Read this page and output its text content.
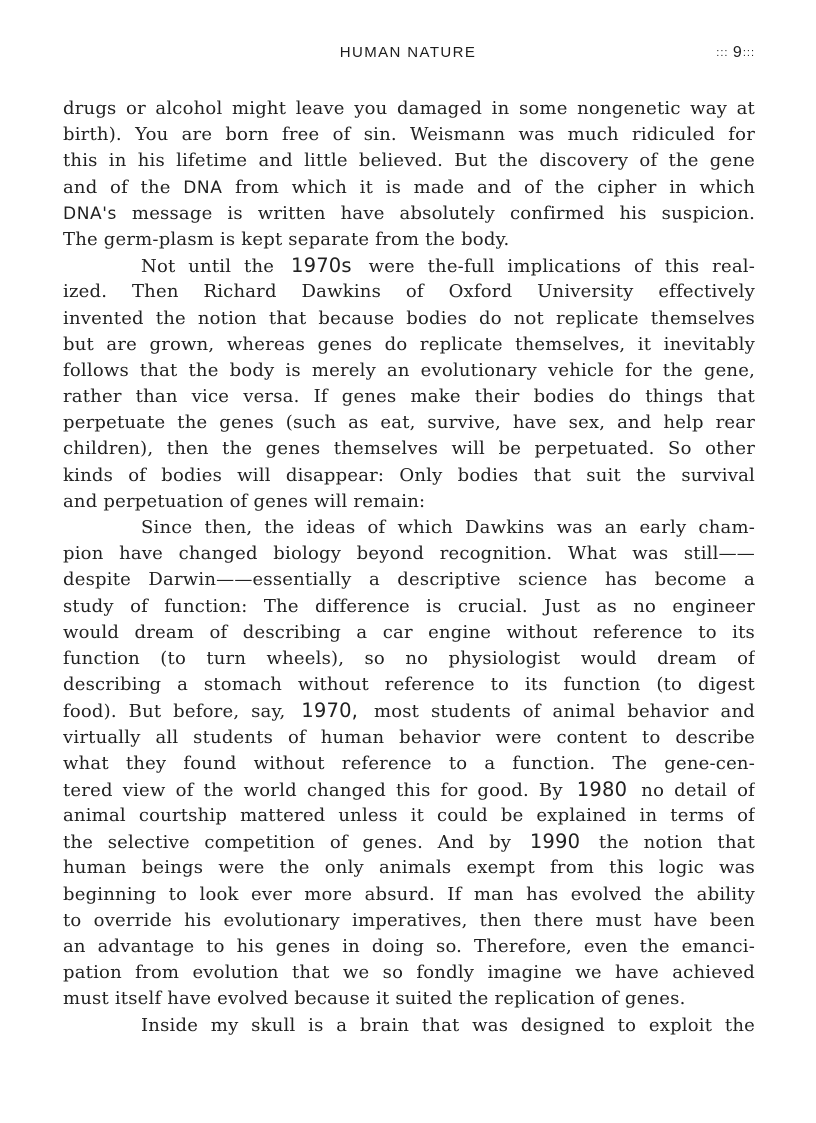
HUMAN NATURE	::: 9:::
drugs or alcohol might leave you damaged in some nongenetic way at
birth). You are born free of sin. Weismann was much ridiculed for
this in his lifetime and little believed. But the discovery of the gene
and of the DNA from which it is made and of the cipher in which
DNA's message is written have absolutely confirmed his suspicion.
The germ-plasm is kept separate from the body.
Not until the 1970s were the-full implications of this real-
ized. Then Richard Dawkins of Oxford University effectively
invented the notion that because bodies do not replicate themselves
but are grown, whereas genes do replicate themselves, it inevitably
follows that the body is merely an evolutionary vehicle for the gene,
rather than vice versa. If genes make their bodies do things that
perpetuate the genes (such as eat, survive, have sex, and help rear
children), then the genes themselves will be perpetuated. So other
kinds of bodies will disappear: Only bodies that suit the survival
and perpetuation of genes will remain:
Since then, the ideas of which Dawkins was an early cham-
pion have changed biology beyond recognition. What was still——
despite Darwin——essentially a descriptive science has become a
study of function: The difference is crucial. Just as no engineer
would dream of describing a car engine without reference to its
function (to turn wheels), so no physiologist would dream of
describing a stomach without reference to its function (to digest
food). But before, say, 1970, most students of animal behavior and
virtually all students of human behavior were content to describe
what they found without reference to a function. The gene-cen-
tered view of the world changed this for good. By 1980 no detail of
animal courtship mattered unless it could be explained in terms of
the selective competition of genes. And by 1990 the notion that
human beings were the only animals exempt from this logic was
beginning to look ever more absurd. If man has evolved the ability
to override his evolutionary imperatives, then there must have been
an advantage to his genes in doing so. Therefore, even the emanci-
pation from evolution that we so fondly imagine we have achieved
must itself have evolved because it suited the replication of genes.
Inside my skull is a brain that was designed to exploit the
